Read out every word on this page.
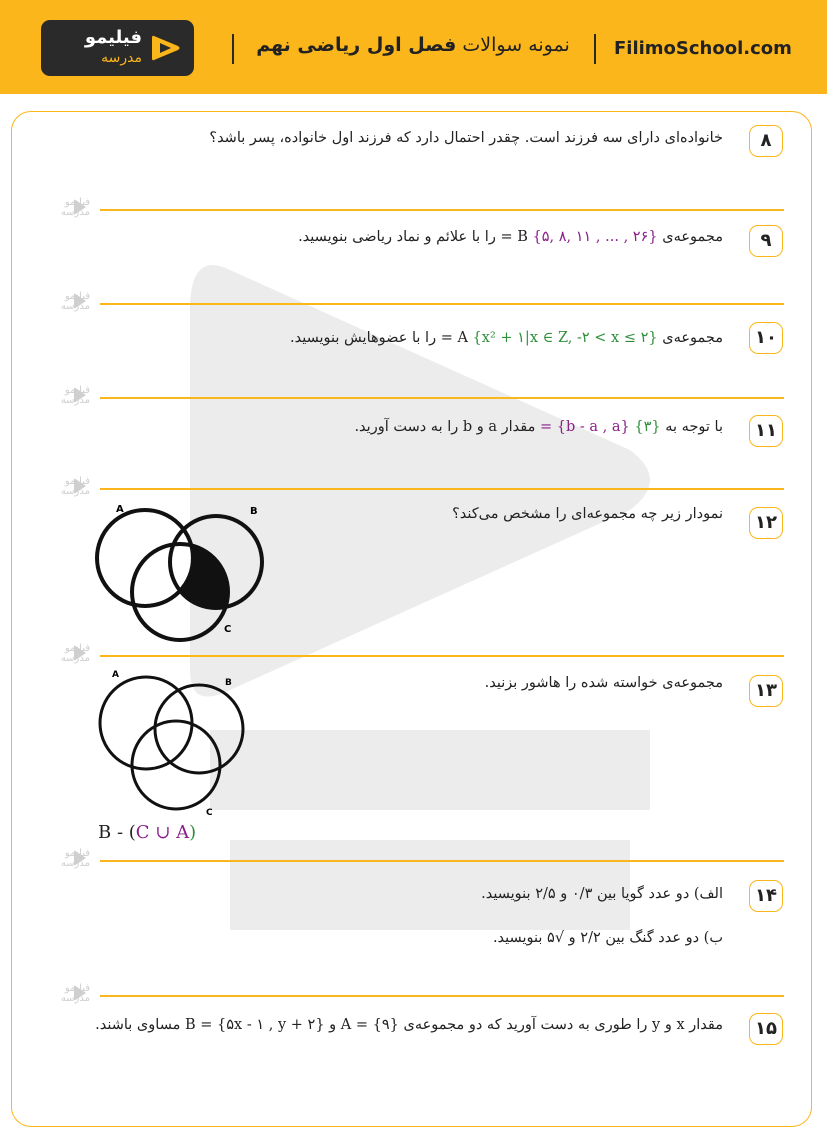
فیلیمو
مدرسه
نمونه سوالات فصل اول ریاضی نهم	FilimoSchool.com
فیلیمو
مدرسه
فیلیمو
مدرسه
فیلیمو
مدرسه
فیلیمو
مدرسه
فیلیمو
مدرسه
فیلیمو
مدرسه
فیلیمو
مدرسه
۸
خانواده‌ای دارای سه فرزند است. چقدر احتمال دارد که فرزند اول خانواده، پسر باشد؟
۹
مجموعه‌ی {۲۶ , ... , ۱۱ ,۸ ,۵} B = را با علائم و نماد ریاضی بنویسید.
۱۰
مجموعه‌ی {x² + ۱|x ∈ Z, -۲ < x ≤ ۲} A = را با عضوهایش بنویسید.
۱۱
با توجه به {۳} {b - a , a} = مقدار a و b را به دست آورید.
۱۲
نمودار زیر چه مجموعه‌ای را مشخص می‌کند؟
A	B
C
۱۳
مجموعه‌ی خواسته شده را هاشور بزنید.
A
B
C
B - (C ∪ A)
۱۴
الف) دو عدد گویا بین ۰/۳ و ۲/۵ بنویسید.
ب) دو عدد گنگ بین ۲/۲ و √۵ بنویسید.
۱۵
مقدار x و y را طوری به دست آورید که دو مجموعه‌ی {۹} = A و {۵x - ۱ , y + ۲} = B مساوی باشند.
